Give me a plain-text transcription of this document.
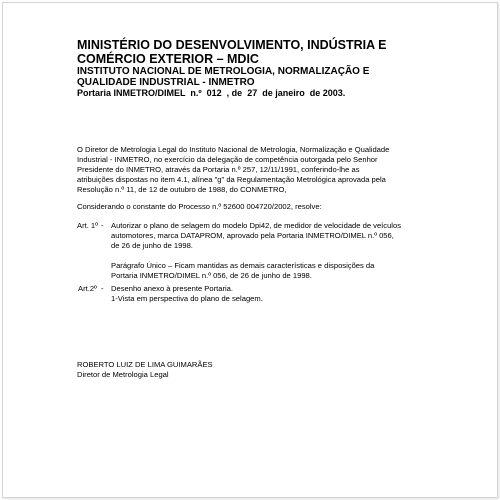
MINISTÉRIO DO DESENVOLVIMENTO, INDÚSTRIA E
COMÉRCIO EXTERIOR – MDIC
INSTITUTO NACIONAL DE METROLOGIA, NORMALIZAÇÃO E
QUALIDADE INDUSTRIAL - INMETRO
Portaria INMETRO/DIMEL  n.º  012  , de  27  de janeiro  de 2003.
O Diretor de Metrologia Legal do Instituto Nacional de Metrologia, Normalização e Qualidade
Industrial - INMETRO, no exercício da delegação de competência outorgada pelo Senhor
Presidente do INMETRO, através da Portaria n.º 257, 12/11/1991, conferindo-lhe as
atribuições dispostas no item 4.1, alínea "g" da Regulamentação Metrológica aprovada pela
Resolução n.º 11, de 12 de outubro de 1988, do CONMETRO,
Considerando o constante do Processo n.º 52600 004720/2002, resolve:
Art. 1º - Autorizar o plano de selagem do modelo Dpi42, de medidor de velocidade de veículos
automotores, marca DATAPROM, aprovado pela Portaria INMETRO/DIMEL n.º 056,
de 26 de junho de 1998.
Parágrafo Único – Ficam mantidas as demais características e disposições da
Portaria INMETRO/DIMEL n.º 056, de 26 de junho de 1998.
Art.2º - Desenho anexo à presente Portaria.
1-Vista em perspectiva do plano de selagem.
ROBERTO LUIZ DE LIMA GUIMARÃES
Diretor de Metrologia Legal
